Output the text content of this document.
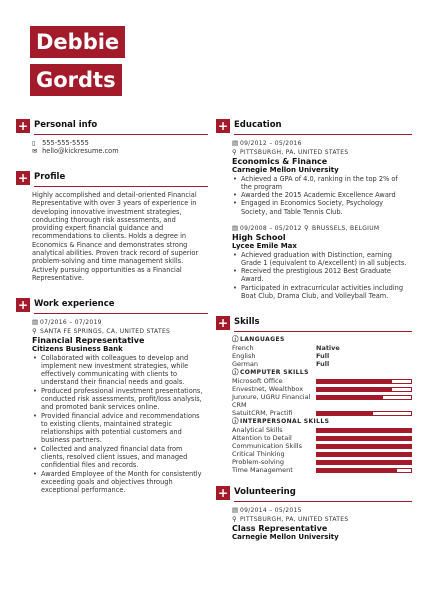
Debbie
Gordts
+ Personal info
▯ 555-555-5555
✉ hello@kickresume.com
+ Profile
Highly accomplished and detail-oriented Financial Representative with over 3 years of experience in developing innovative investment strategies, conducting thorough risk assessments, and providing expert financial guidance and recommendations to clients. Holds a degree in Economics & Finance and demonstrates strong analytical abilities. Proven track record of superior problem-solving and time management skills. Actively pursuing opportunities as a Financial Representative.
+ Work experience
▤ 07/2016 – 07/2019
⚲ SANTA FE SPRINGS, CA, UNITED STATES
Financial Representative
Citizens Business Bank
• Collaborated with colleagues to develop and implement new investment strategies, while effectively communicating with clients to understand their financial needs and goals.
• Produced professional investment presentations, conducted risk assessments, profit/loss analysis, and promoted bank services online.
• Provided financial advice and recommendations to existing clients, maintained strategic relationships with potential customers and business partners.
• Collected and analyzed financial data from clients, resolved client issues, and managed confidential files and records.
• Awarded Employee of the Month for consistently exceeding goals and objectives through exceptional performance.
+ Education
▤ 09/2012 – 05/2016
⚲ PITTSBURGH, PA, UNITED STATES
Economics & Finance
Carnegie Mellon University
• Achieved a GPA of 4.0, ranking in the top 2% of the program
• Awarded the 2015 Academic Excellence Award
• Engaged in Economics Society, Psychology Society, and Table Tennis Club.
▤ 09/2008 – 05/2012 ⚲ BRUSSELS, BELGIUM
High School
Lycee Emile Max
• Achieved graduation with Distinction, earning Grade 1 (equivalent to A/excellent) in all subjects.
• Received the prestigious 2012 Best Graduate Award.
• Participated in extracurricular activities including Boat Club, Drama Club, and Volleyball Team.
+ Skills
ⓘLANGUAGES
French	Native
English	Full
German	Full
ⓘCOMPUTER SKILLS
Microsoft Office
Envestnet, Wealthbox
Junxure, UGRU Financial CRM
SatuitCRM, Practifi
ⓘINTERPERSONAL SKILLS
Analytical Skills
Attention to Detail
Communication Skills
Critical Thinking
Problem-solving
Time Management
+ Volunteering
▤ 09/2014 – 05/2015
⚲ PITTSBURGH, PA, UNITED STATES
Class Representative
Carnegie Mellon University
